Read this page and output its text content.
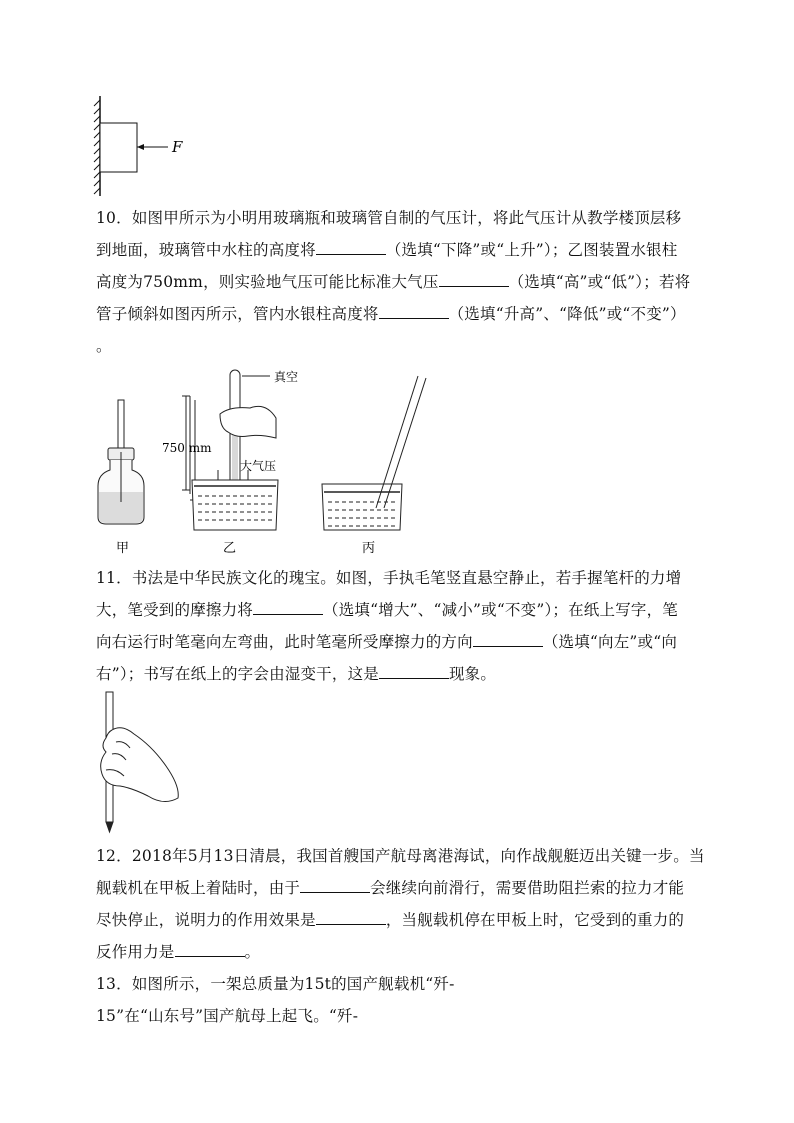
F
10．如图甲所示为小明用玻璃瓶和玻璃管自制的气压计，将此气压计从教学楼顶层移
到地面，玻璃管中水柱的高度将	（选填“下降”或“上升”）；乙图装置水银柱
高度为750mm，则实验地气压可能比标准大气压	（选填“高”或“低”）；若将
管子倾斜如图丙所示，管内水银柱高度将	（选填“升高”、“降低”或“不变”）
。
真空
750 mm
大气压
甲	乙	丙
11．书法是中华民族文化的瑰宝。如图，手执毛笔竖直悬空静止，若手握笔杆的力增
大，笔受到的摩擦力将	（选填“增大”、“减小”或“不变”）；在纸上写字，笔
向右运行时笔毫向左弯曲，此时笔毫所受摩擦力的方向	（选填“向左”或“向
右”）；书写在纸上的字会由湿变干，这是	现象。
12．2018年5月13日清晨，我国首艘国产航母离港海试，向作战舰艇迈出关键一步。当
舰载机在甲板上着陆时，由于	会继续向前滑行，需要借助阻拦索的拉力才能
尽快停止，说明力的作用效果是	，当舰载机停在甲板上时，它受到的重力的
反作用力是	。
13．如图所示，一架总质量为15t的国产舰载机“歼-
15”在“山东号”国产航母上起飞。“歼-
